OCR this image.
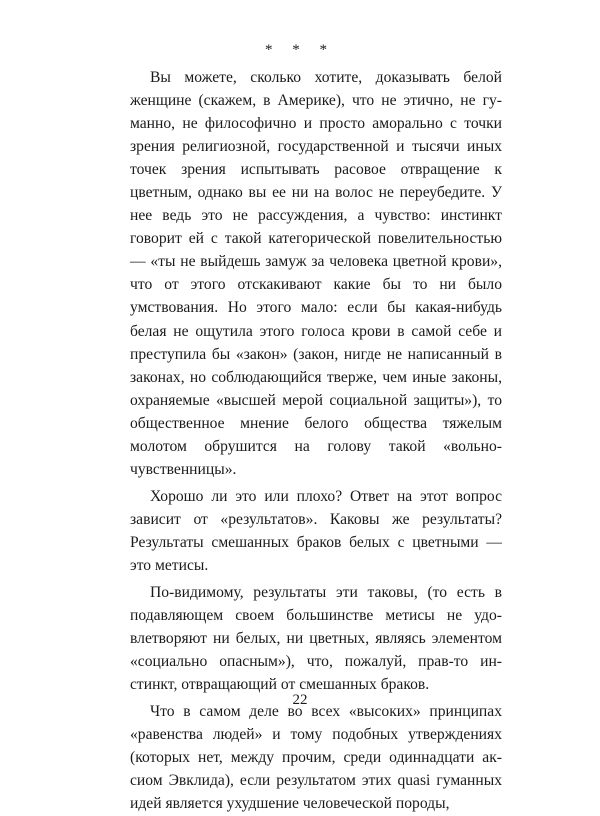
* * *

Вы можете, сколько хотите, доказывать белой женщине (скажем, в Америке), что не этично, не гуманно, не философично и просто аморально с точки зрения религиозной, государственной и тысячи иных точек зрения испытывать расовое отвращение к цветным, однако вы ее ни на волос не переубедите. У нее ведь это не рассуждения, а чувство: инстинкт говорит ей с такой категорической повелительностью — «ты не выйдешь замуж за человека цветной крови», что от этого отскакивают какие бы то ни было умствования. Но этого мало: если бы какая-нибудь белая не ощутила этого голоса крови в самой себе и преступила бы «закон» (закон, нигде не написанный в законах, но соблюдающийся тверже, чем иные законы, охраняемые «высшей мерой социальной защиты»), то общественное мнение белого общества тяжелым молотом обрушится на голову такой «вольно-чувственницы».

Хорошо ли это или плохо? Ответ на этот вопрос зависит от «результатов». Каковы же результаты? Результаты смешанных браков белых с цветными — это метисы.

По-видимому, результаты эти таковы, (то есть в подавляющем своем большинстве метисы не удовлетворяют ни белых, ни цветных, являясь элементом «социально опасным»), что, пожалуй, прав-то инстинкт, отвращающий от смешанных браков.

Что в самом деле во всех «высоких» принципах «равенства людей» и тому подобных утверждениях (которых нет, между прочим, среди одиннадцати аксиом Эвклида), если результатом этих quasi гуманных идей является ухудшение человеческой породы,

22
